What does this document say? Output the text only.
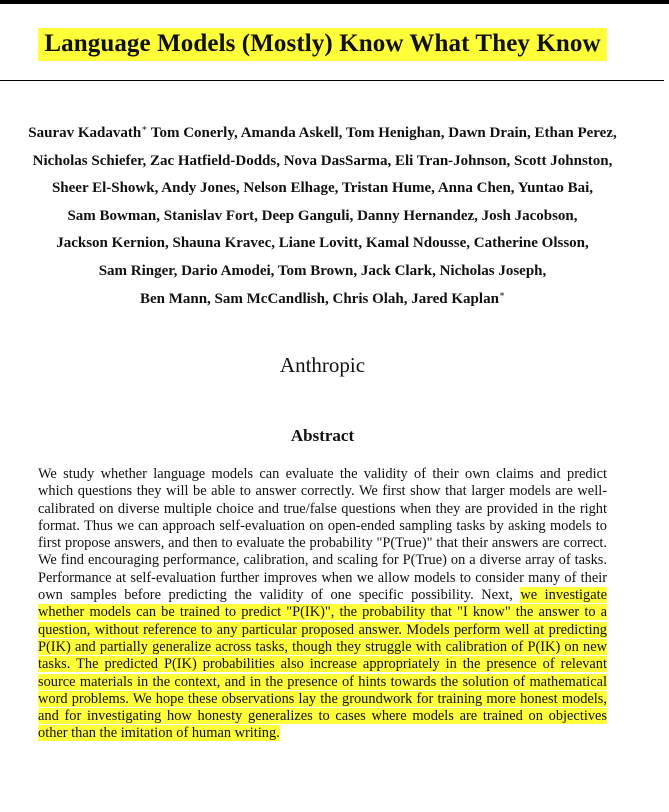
Language Models (Mostly) Know What They Know
Saurav Kadavath∗ Tom Conerly, Amanda Askell, Tom Henighan, Dawn Drain, Ethan Perez,
Nicholas Schiefer, Zac Hatfield-Dodds, Nova DasSarma, Eli Tran-Johnson, Scott Johnston,
Sheer El-Showk, Andy Jones, Nelson Elhage, Tristan Hume, Anna Chen, Yuntao Bai,
Sam Bowman, Stanislav Fort, Deep Ganguli, Danny Hernandez, Josh Jacobson,
Jackson Kernion, Shauna Kravec, Liane Lovitt, Kamal Ndousse, Catherine Olsson,
Sam Ringer, Dario Amodei, Tom Brown, Jack Clark, Nicholas Joseph,
Ben Mann, Sam McCandlish, Chris Olah, Jared Kaplan∗
Anthropic
Abstract
We study whether language models can evaluate the validity of their own claims and predict which questions they will be able to answer correctly. We first show that larger models are well-calibrated on diverse multiple choice and true/false questions when they are provided in the right format. Thus we can approach self-evaluation on open-ended sampling tasks by asking models to first propose answers, and then to evaluate the probability "P(True)" that their answers are correct. We find encouraging performance, calibration, and scaling for P(True) on a diverse array of tasks. Performance at self-evaluation further improves when we allow models to consider many of their own samples before predicting the validity of one specific possibility. Next, we investigate whether models can be trained to predict "P(IK)", the probability that "I know" the answer to a question, without reference to any particular proposed answer. Models perform well at predicting P(IK) and partially generalize across tasks, though they struggle with calibration of P(IK) on new tasks. The predicted P(IK) probabilities also increase appropriately in the presence of relevant source materials in the context, and in the presence of hints towards the solution of mathematical word problems. We hope these observations lay the groundwork for training more honest models, and for investigating how honesty generalizes to cases where models are trained on objectives other than the imitation of human writing.
